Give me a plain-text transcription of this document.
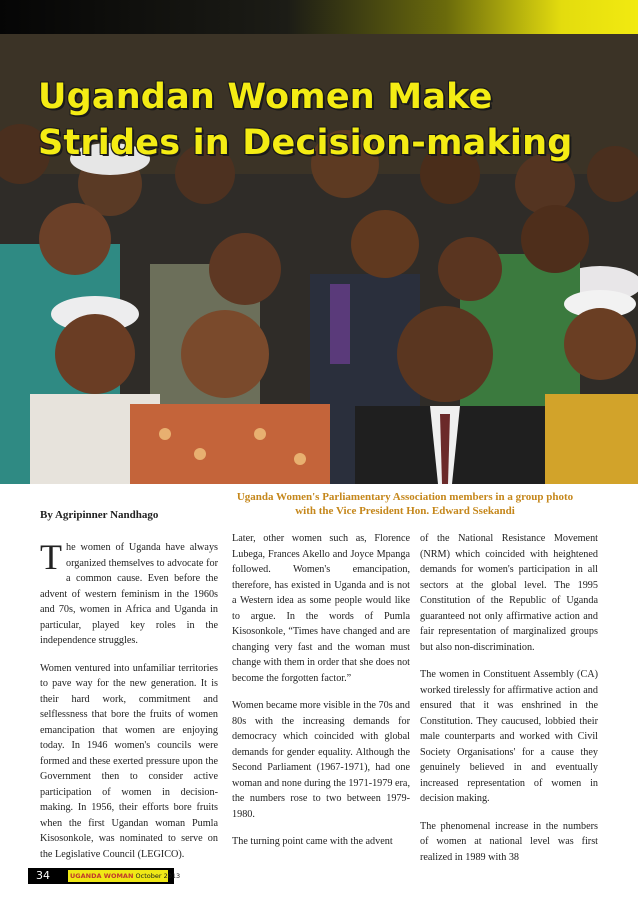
Ugandan Women Make Strides in Decision-making
Uganda Women's Parliamentary Association members in a group photo with the Vice President Hon. Edward Ssekandi
By Agripinner Nandhago

The women of Uganda have always organized themselves to advocate for a common cause. Even before the advent of western feminism in the 1960s and 70s, women in Africa and Uganda in particular, played key roles in the independence struggles.

Women ventured into unfamiliar territories to pave way for the new generation. It is their hard work, commitment and selflessness that bore the fruits of women emancipation that women are enjoying today. In 1946 women's councils were formed and these exerted pressure upon the Government then to consider active participation of women in decision-making. In 1956, their efforts bore fruits when the first Ugandan woman Pumla Kisosonkole, was nominated to serve on the Legislative Council (LEGICO).

Later, other women such as, Florence Lubega, Frances Akello and Joyce Mpanga followed. Women's emancipation, therefore, has existed in Uganda and is not a Western idea as some people would like to argue. In the words of Pumla Kisosonkole, “Times have changed and are changing very fast and the woman must change with them in order that she does not become the forgotten factor.”

Women became more visible in the 70s and 80s with the increasing demands for democracy which coincided with global demands for gender equality. Although the Second Parliament (1967-1971), had one woman and none during the 1971-1979 era, the numbers rose to two between 1979-1980.

The turning point came with the advent

of the National Resistance Movement (NRM) which coincided with heightened demands for women's participation in all sectors at the global level. The 1995 Constitution of the Republic of Uganda guaranteed not only affirmative action and fair representation of marginalized groups but also non-discrimination.

The women in Constituent Assembly (CA) worked tirelessly for affirmative action and ensured that it was enshrined in the Constitution. They caucused, lobbied their male counterparts and worked with Civil Society Organisations' for a cause they genuinely believed in and eventually increased representation of women in decision making.

The phenomenal increase in the numbers of women at national level was first realized in 1989 with 38

34	UGANDA WOMAN October 2013
